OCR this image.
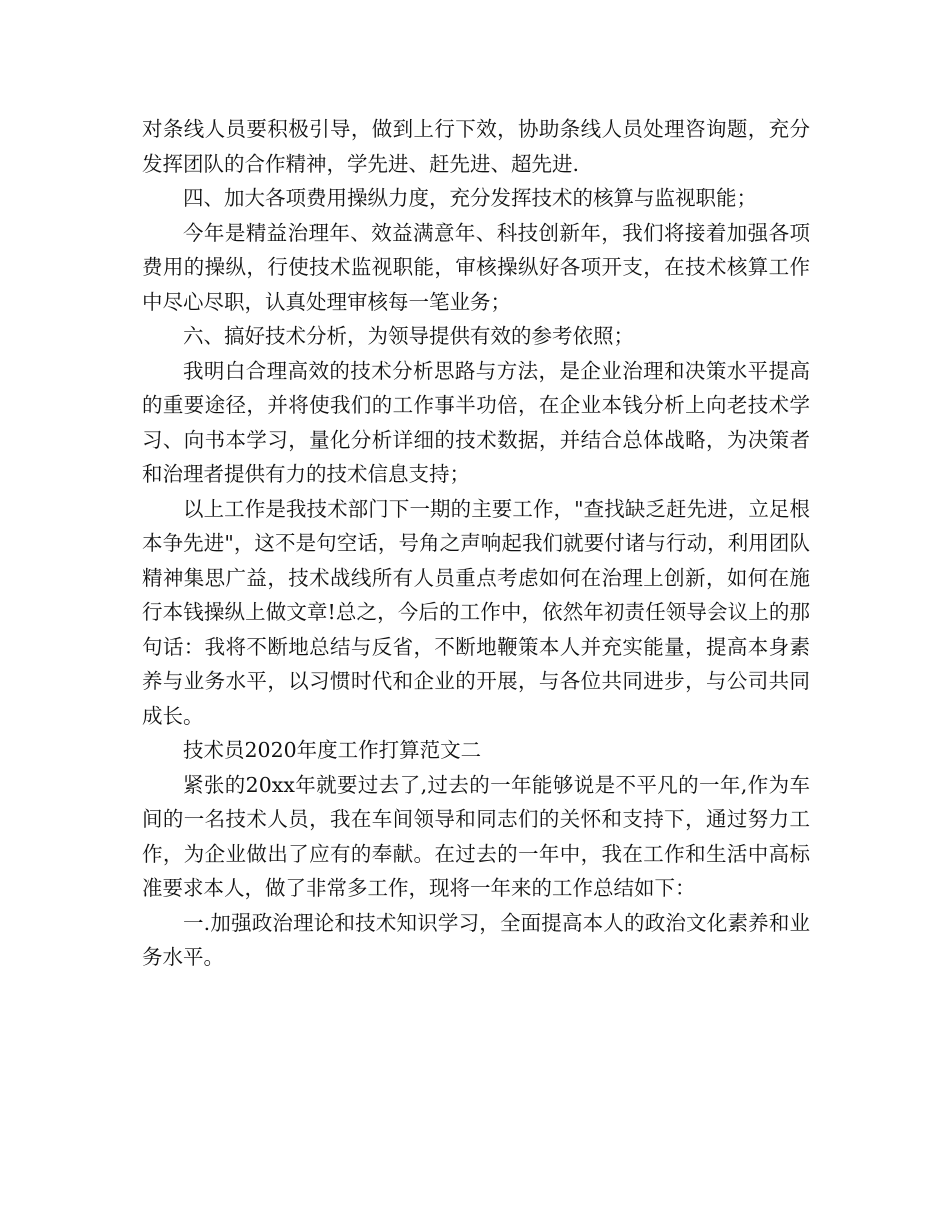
对条线人员要积极引导，做到上行下效，协助条线人员处理咨询题，充分发挥团队的合作精神，学先进、赶先进、超先进.

四、加大各项费用操纵力度，充分发挥技术的核算与监视职能；

今年是精益治理年、效益满意年、科技创新年，我们将接着加强各项费用的操纵，行使技术监视职能，审核操纵好各项开支，在技术核算工作中尽心尽职，认真处理审核每一笔业务；

六、搞好技术分析，为领导提供有效的参考依照；

我明白合理高效的技术分析思路与方法，是企业治理和决策水平提高的重要途径，并将使我们的工作事半功倍，在企业本钱分析上向老技术学习、向书本学习，量化分析详细的技术数据，并结合总体战略，为决策者和治理者提供有力的技术信息支持；

以上工作是我技术部门下一期的主要工作，"查找缺乏赶先进，立足根本争先进"，这不是句空话，号角之声响起我们就要付诸与行动，利用团队精神集思广益，技术战线所有人员重点考虑如何在治理上创新，如何在施行本钱操纵上做文章!总之，今后的工作中，依然年初责任领导会议上的那句话：我将不断地总结与反省，不断地鞭策本人并充实能量，提高本身素养与业务水平，以习惯时代和企业的开展，与各位共同进步，与公司共同成长。

技术员2020年度工作打算范文二

紧张的20xx年就要过去了,过去的一年能够说是不平凡的一年,作为车间的一名技术人员，我在车间领导和同志们的关怀和支持下，通过努力工作，为企业做出了应有的奉献。在过去的一年中，我在工作和生活中高标准要求本人，做了非常多工作，现将一年来的工作总结如下：

一.加强政治理论和技术知识学习，全面提高本人的政治文化素养和业务水平。
